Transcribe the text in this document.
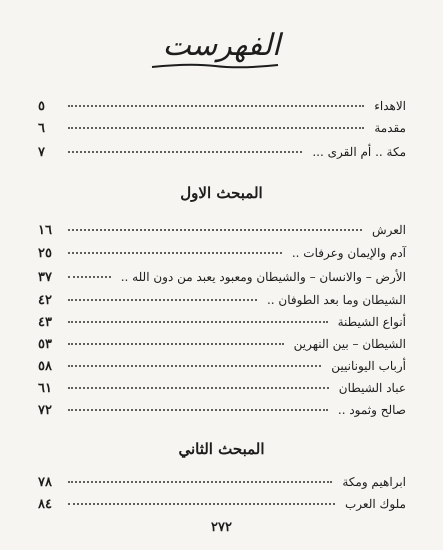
الفهرست
الاهداء
٥
مقدمة
٦
مكة .. أم القرى ...
٧
المبحث الاول
العرش
١٦
آدم والإيمان وعرفات ..
٢٥
الأرض – والانسان – والشيطان ومعبود يعبد من دون الله ..
٣٧
الشيطان وما بعد الطوفان ..
٤٢
أنواع الشيطنة
٤٣
الشيطان – بين النهرين
٥٣
أرباب اليونانيين
٥٨
عباد الشيطان
٦١
صالح وثمود ..
٧٢
المبحث الثاني
ابراهيم ومكة
٧٨
ملوك العرب
٨٤
٢٧٢
